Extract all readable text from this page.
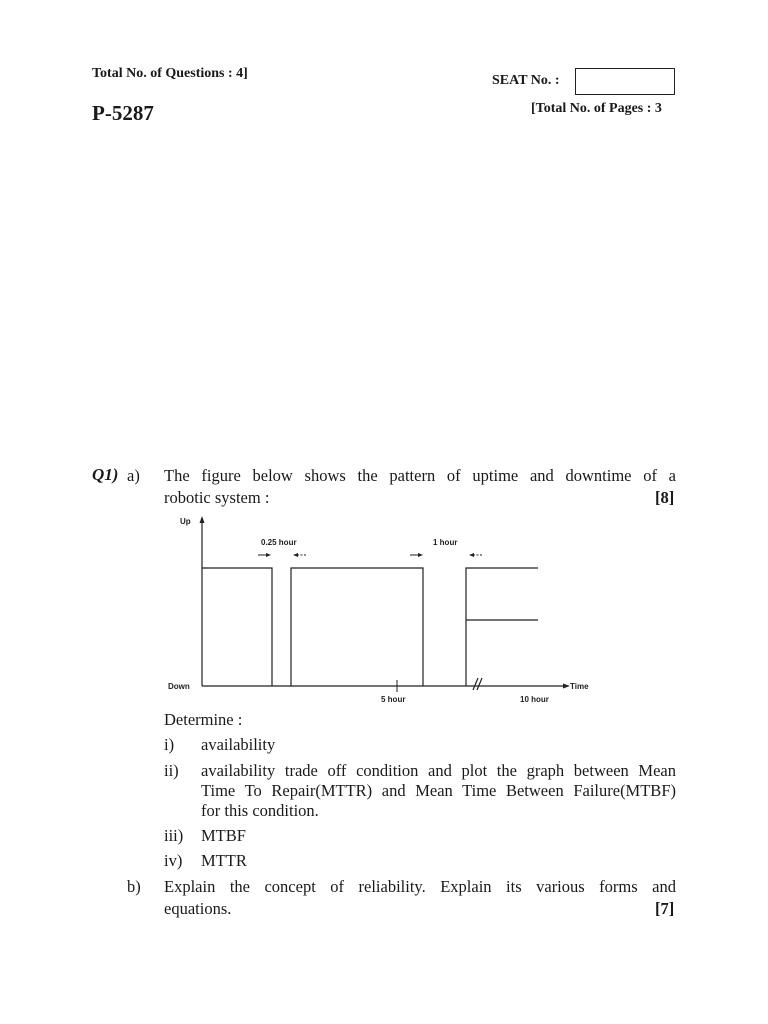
Total No. of Questions : 4]	SEAT No. :
P-5287	[Total No. of Pages : 3
Q1) a) The figure below shows the pattern of uptime and downtime of a
robotic system :	[8]
Up
Down	Time
0.25 hour	1 hour
5 hour	10 hour
Determine :
i) availability
ii) availability trade off condition and plot the graph between Mean
Time To Repair(MTTR) and Mean Time Between Failure(MTBF)
for this condition.
iii) MTBF
iv) MTTR
b) Explain the concept of reliability. Explain its various forms and
equations.	[7]
